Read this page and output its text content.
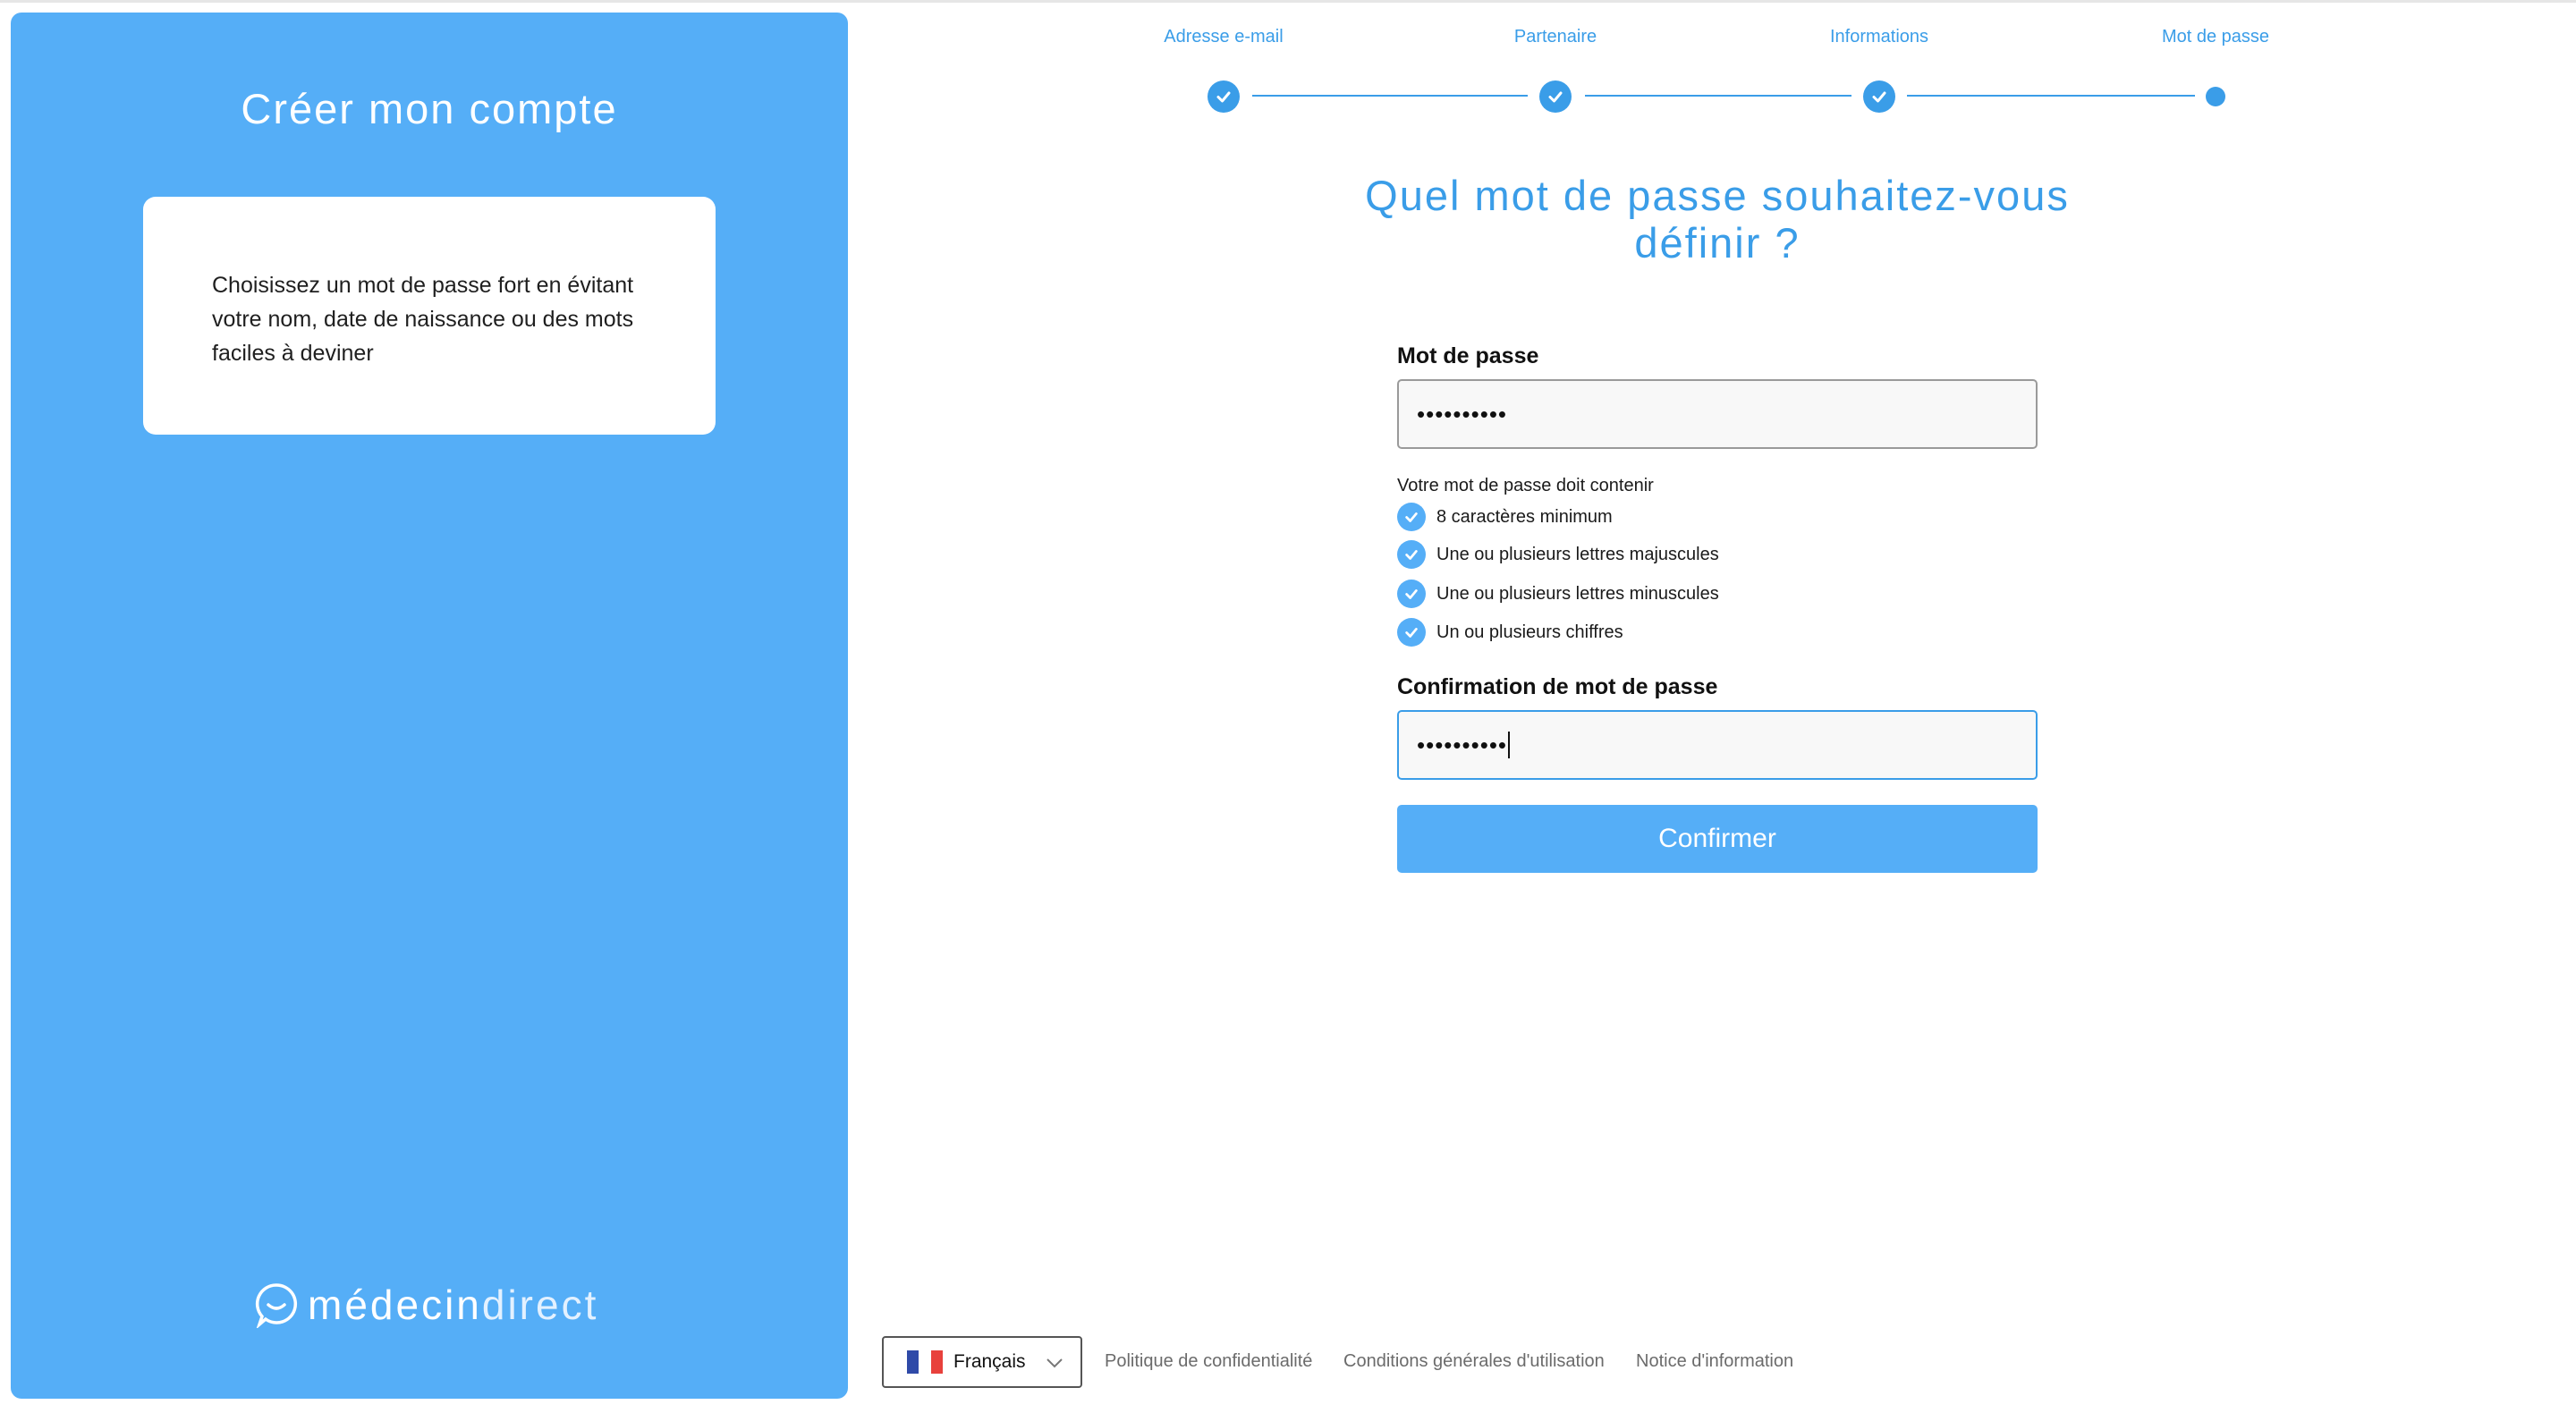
Créer mon compte
Choisissez un mot de passe fort en évitant votre nom, date de naissance ou des mots faciles à deviner
médecin direct
Adresse e-mail	Partenaire	Informations	Mot de passe
Quel mot de passe souhaitez-vous définir ?
Mot de passe
••••••••••
Votre mot de passe doit contenir
8 caractères minimum
Une ou plusieurs lettres majuscules
Une ou plusieurs lettres minuscules
Un ou plusieurs chiffres
Confirmation de mot de passe
••••••••••
Confirmer
Français	Politique de confidentialité Conditions générales d'utilisation Notice d'information
